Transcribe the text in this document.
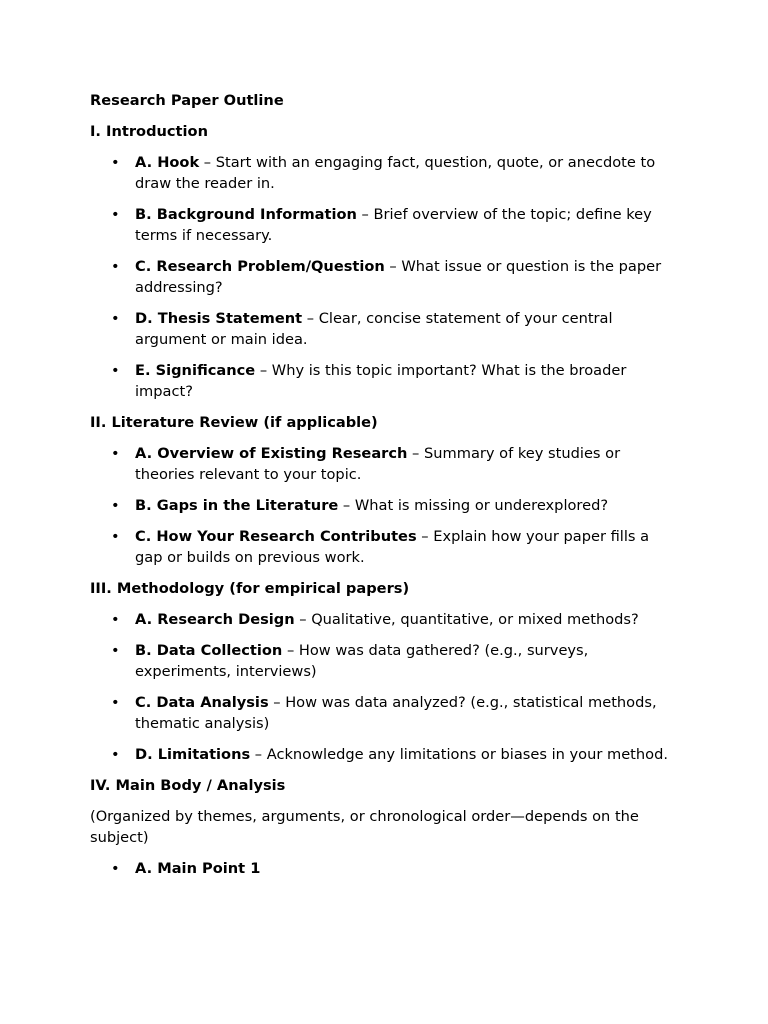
Research Paper Outline
I. Introduction
• A. Hook – Start with an engaging fact, question, quote, or anecdote to draw the reader in.
• B. Background Information – Brief overview of the topic; define key terms if necessary.
• C. Research Problem/Question – What issue or question is the paper addressing?
• D. Thesis Statement – Clear, concise statement of your central argument or main idea.
• E. Significance – Why is this topic important? What is the broader impact?
II. Literature Review (if applicable)
• A. Overview of Existing Research – Summary of key studies or theories relevant to your topic.
• B. Gaps in the Literature – What is missing or underexplored?
• C. How Your Research Contributes – Explain how your paper fills a gap or builds on previous work.
III. Methodology (for empirical papers)
• A. Research Design – Qualitative, quantitative, or mixed methods?
• B. Data Collection – How was data gathered? (e.g., surveys, experiments, interviews)
• C. Data Analysis – How was data analyzed? (e.g., statistical methods, thematic analysis)
• D. Limitations – Acknowledge any limitations or biases in your method.
IV. Main Body / Analysis

(Organized by themes, arguments, or chronological order—depends on the subject)

• A. Main Point 1
